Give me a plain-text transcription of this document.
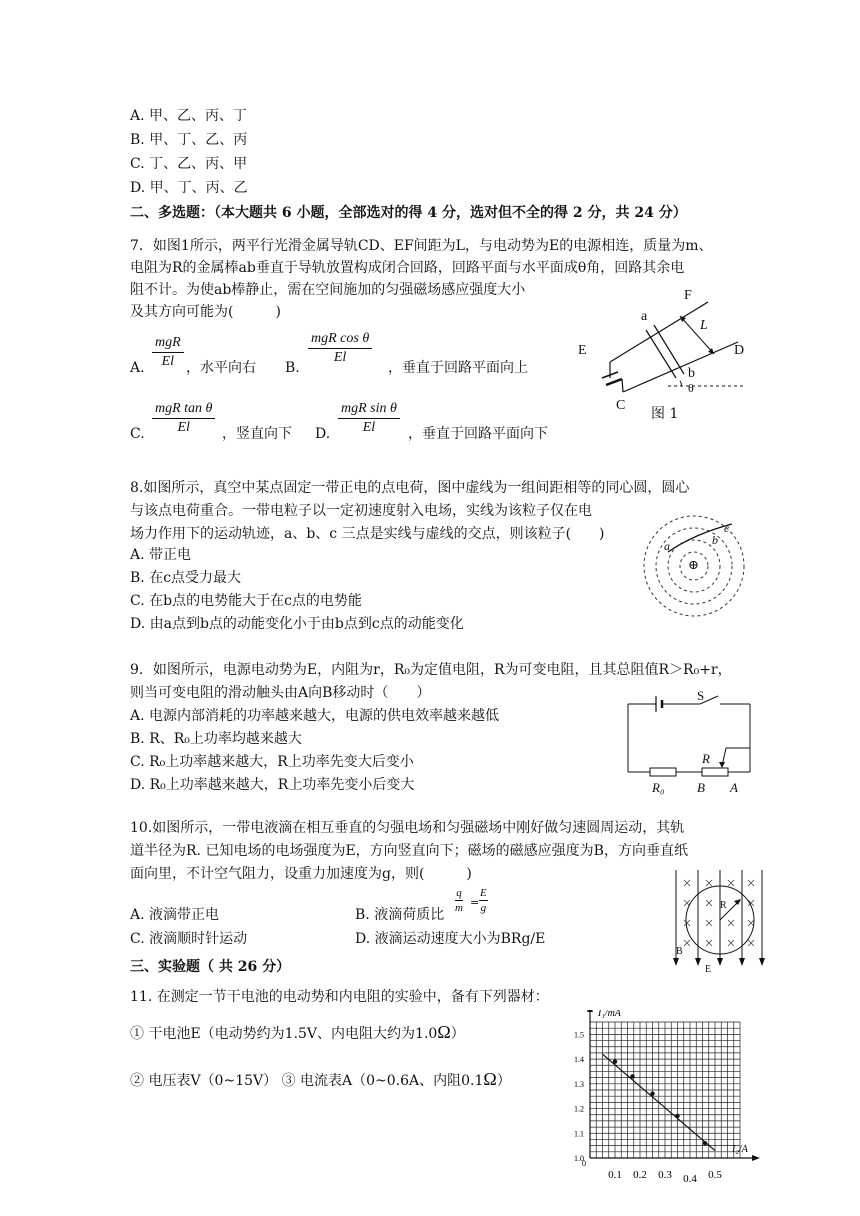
A. 甲、乙、丙、丁
B. 甲、丁、乙、丙
C. 丁、乙、丙、甲
D. 甲、丁、丙、乙
二、多选题：（本大题共 6 小题，全部选对的得 4 分，选对但不全的得 2 分，共 24 分）
7．如图1所示，两平行光滑金属导轨CD、EF间距为L，与电动势为E的电源相连，质量为m、
电阻为R的金属棒ab垂直于导轨放置构成闭合回路，回路平面与水平面成θ角，回路其余电
阻不计。为使ab棒静止，需在空间施加的匀强磁场感应强度大小
及其方向可能为(　　　)
A.
mgR
El ，水平向右 B.
mgR cos θ
El
，垂直于回路平面向上
C.
mgR tan θ
El	，竖直向下 D.
mgR sin θ
El	，垂直于回路平面向下
F
a
L
E	D
b
θ
C
图 1
8.如图所示，真空中某点固定一带正电的点电荷，图中虚线为一组间距相等的同心圆，圆心
与该点电荷重合。一带电粒子以一定初速度射入电场，实线为该粒子仅在电
场力作用下的运动轨迹，a、b、c 三点是实线与虚线的交点，则该粒子(　　)
A. 带正电
B. 在c点受力最大
C. 在b点的电势能大于在c点的电势能
D. 由a点到b点的动能变化小于由b点到c点的动能变化
⊕
a	b
c
9．如图所示，电源电动势为E，内阻为r，R₀为定值电阻，R为可变电阻，且其总阻值R＞R₀+r，
则当可变电阻的滑动触头由A向B移动时（　　）
A. 电源内部消耗的功率越来越大，电源的供电效率越来越低
B. R、R₀上功率均越来越大
C. R₀上功率越来越大，R上功率先变大后变小
D. R₀上功率越来越大，R上功率先变小后变大
S
R
R₀	B A
10.如图所示，一带电液滴在相互垂直的匀强电场和匀强磁场中刚好做匀速圆周运动，其轨
道半径为R. 已知电场的电场强度为E，方向竖直向下；磁场的磁感应强度为B，方向垂直纸
面向里，不计空气阻力，设重力加速度为g，则(　　　)
A. 液滴带正电	B. 液滴荷质比 $\frac{q}{m} = \frac{E}{g}$
C. 液滴顺时针运动	D. 液滴运动速度大小为BRg/E
R
B
E
三、实验题（ 共 26 分）
11. 在测定一节干电池的电动势和内电阻的实验中，备有下列器材：
① 干电池E（电动势约为1.5V、内电阻大约为1.0Ω）
② 电压表V（0~15V） ③ 电流表A（0~0.6A、内阻0.1Ω）
I₁/mA
I₂/A
1.0
1.1
1.2
1.3
1.4
1.5
0
0.1 0.2 0.3 0.4 0.5
